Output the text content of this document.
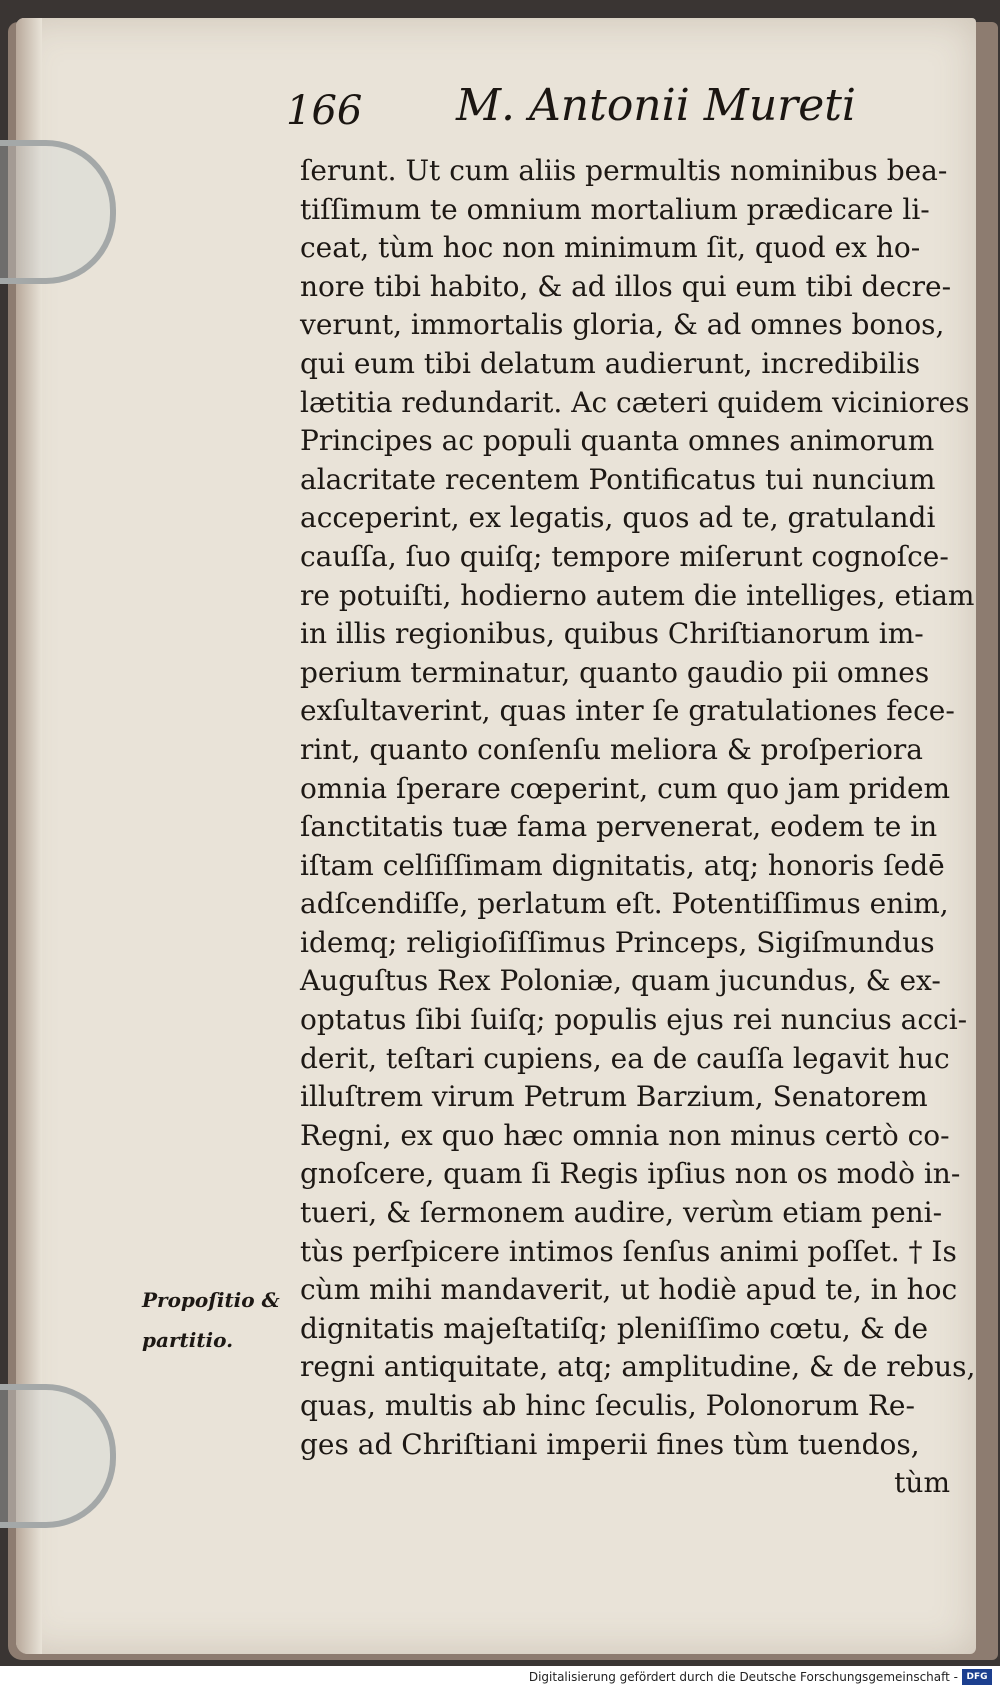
166 M. Antonii Mureti
Propoſitio &
partitio.
ſerunt. Ut cum aliis permultis nominibus bea-
tiſſimum te omnium mortalium prædicare li-
ceat, tùm hoc non minimum ſit, quod ex ho-
nore tibi habito, & ad illos qui eum tibi decre-
verunt, immortalis gloria, & ad omnes bonos,
qui eum tibi delatum audierunt, incredibilis
lætitia redundarit. Ac cæteri quidem viciniores
Principes ac populi quanta omnes animorum
alacritate recentem Pontificatus tui nuncium
acceperint, ex legatis, quos ad te, gratulandi
cauſſa, ſuo quiſq; tempore miſerunt cognoſce-
re potuiſti, hodierno autem die intelliges, etiam
in illis regionibus, quibus Chriſtianorum im-
perium terminatur, quanto gaudio pii omnes
exſultaverint, quas inter ſe gratulationes fece-
rint, quanto conſenſu meliora & proſperiora
omnia ſperare cœperint, cum quo jam pridem
ſanctitatis tuæ fama pervenerat, eodem te in
iſtam celſiſſimam dignitatis, atq; honoris ſedē
adſcendiſſe, perlatum eſt. Potentiſſimus enim,
idemq; religioſiſſimus Princeps, Sigiſmundus
Auguſtus Rex Poloniæ, quam jucundus, & ex-
optatus ſibi ſuiſq; populis ejus rei nuncius acci-
derit, teſtari cupiens, ea de cauſſa legavit huc
illuſtrem virum Petrum Barzium, Senatorem
Regni, ex quo hæc omnia non minus certò co-
gnoſcere, quam ſi Regis ipſius non os modò in-
tueri, & ſermonem audire, verùm etiam peni-
tùs perſpicere intimos ſenſus animi poſſet. † Is
cùm mihi mandaverit, ut hodiè apud te, in hoc
dignitatis majeſtatiſq; pleniſſimo cœtu, & de
regni antiquitate, atq; amplitudine, & de rebus,
quas, multis ab hinc ſeculis, Polonorum Re-
ges ad Chriſtiani imperii fines tùm tuendos,
tùm
Digitalisierung gefördert durch die Deutsche Forschungsgemeinschaft - DFG
